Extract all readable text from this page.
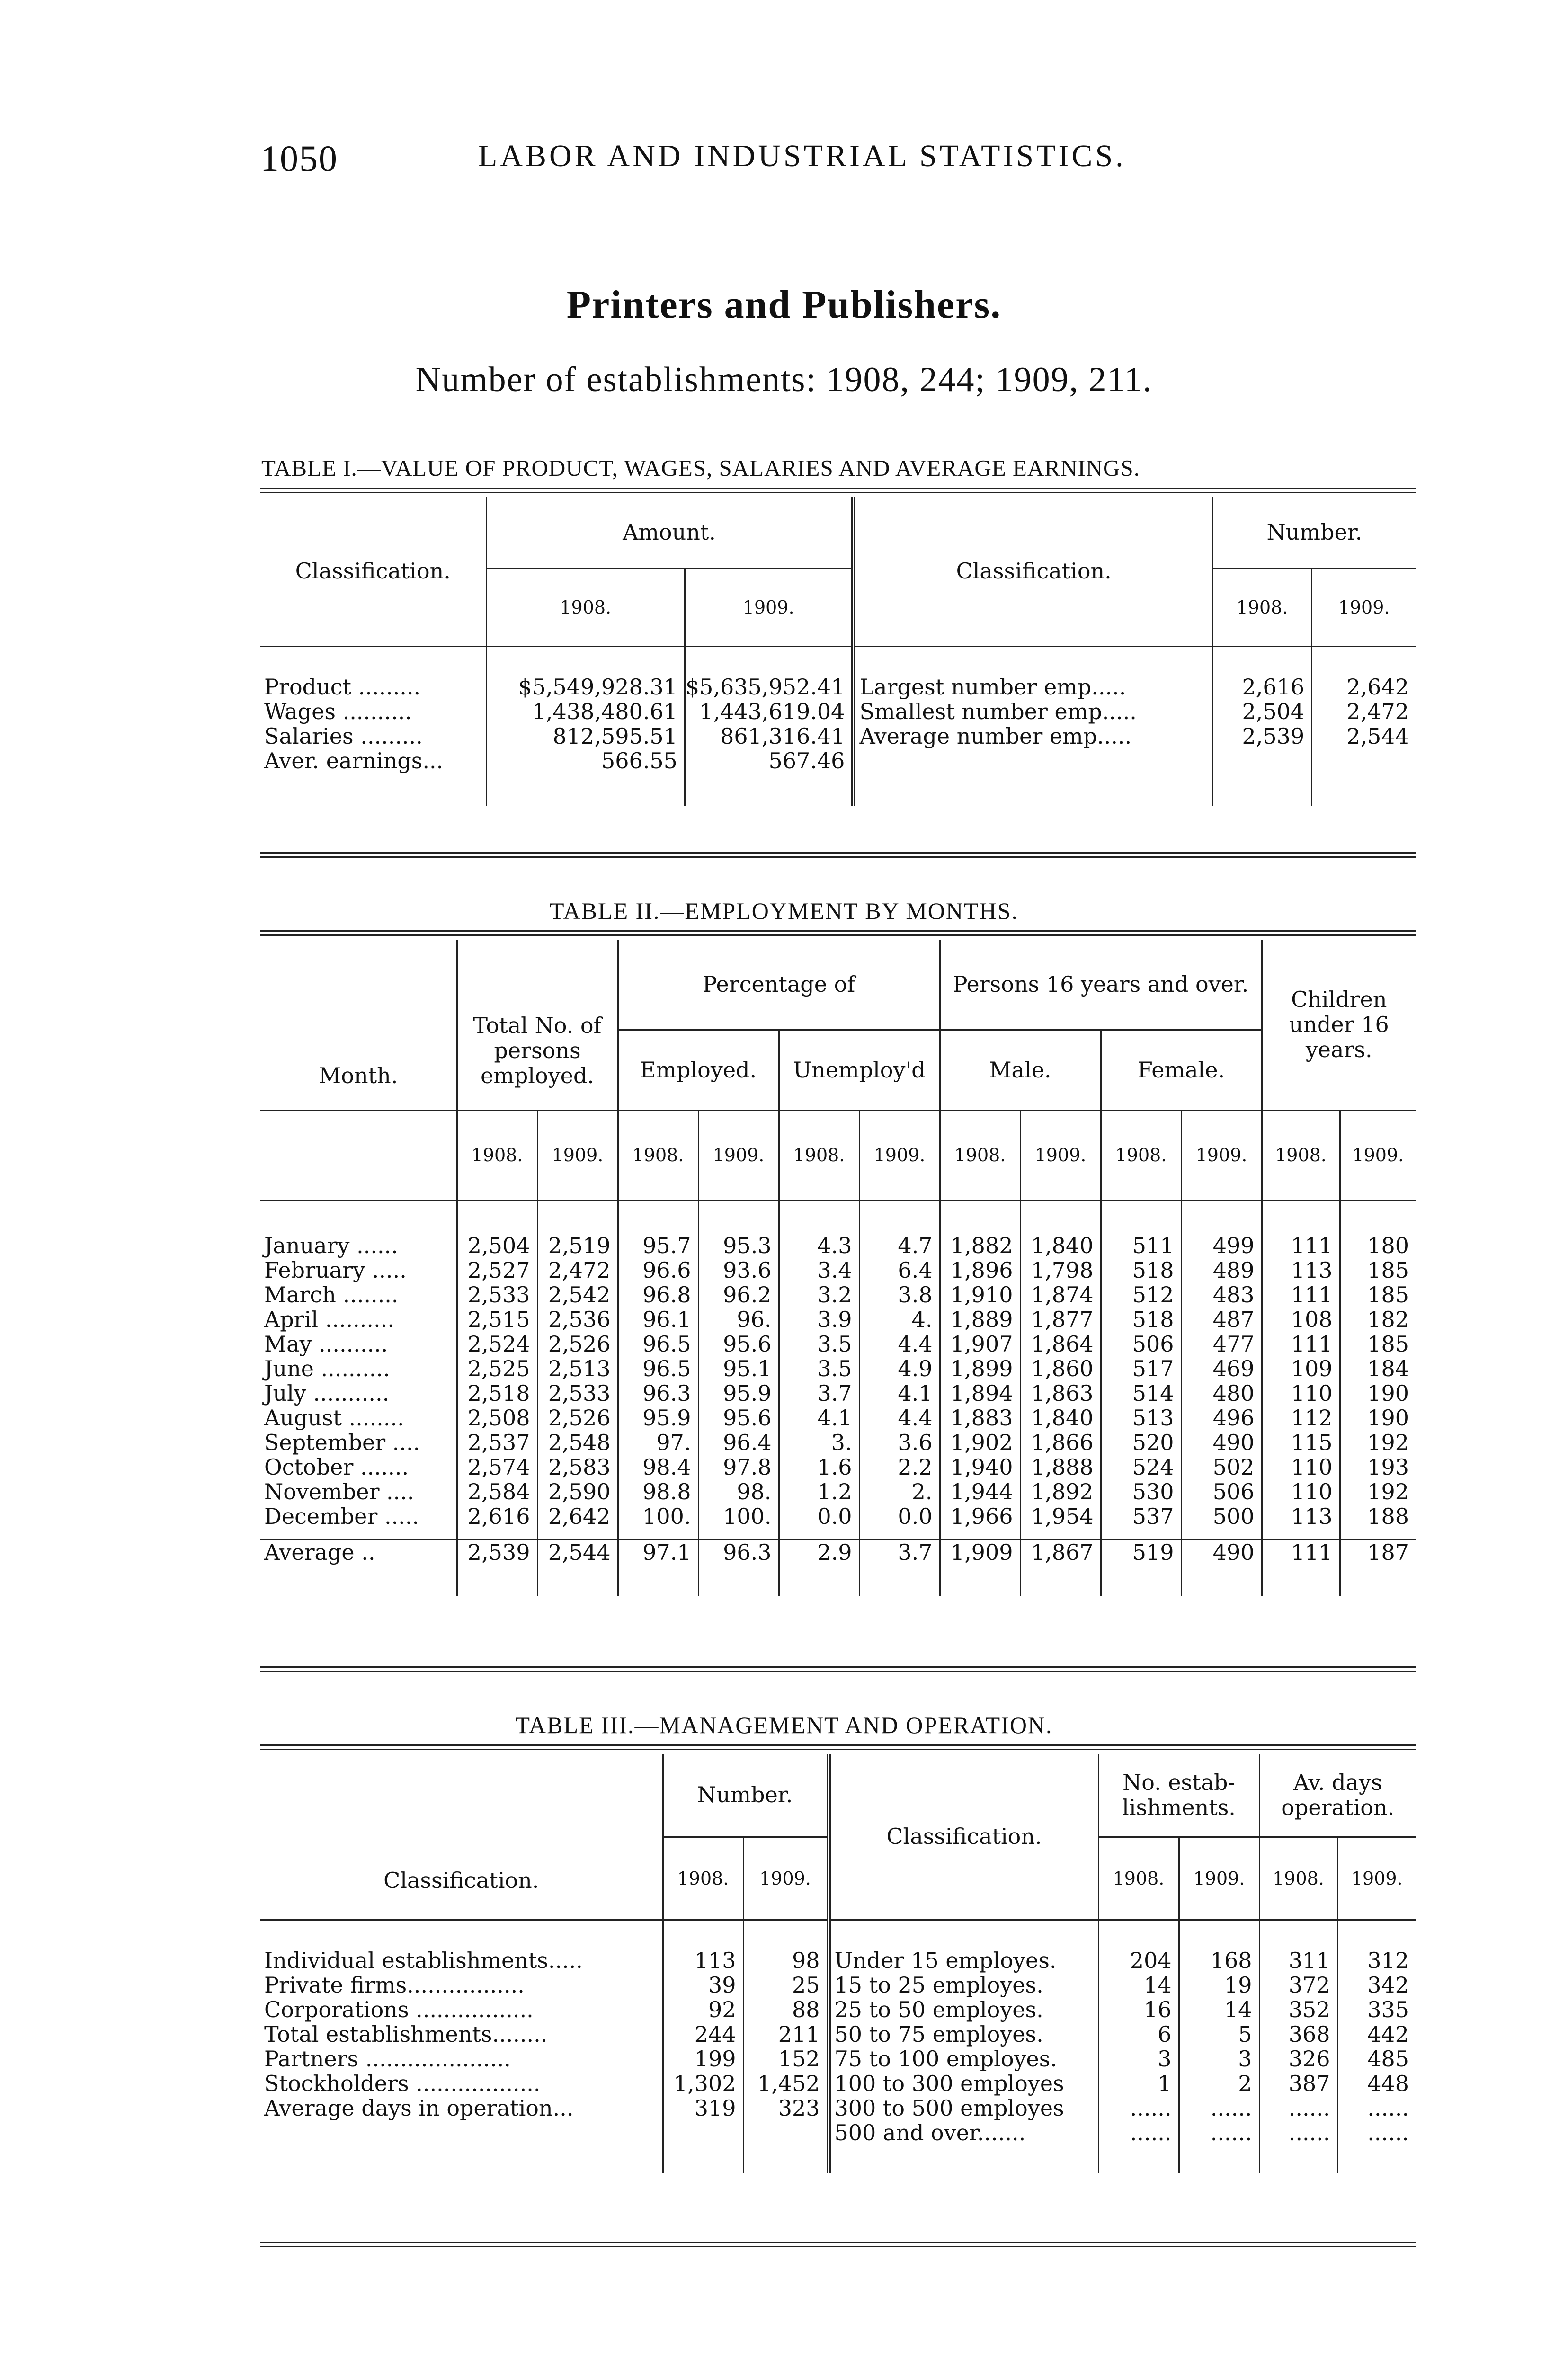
1050	LABOR AND INDUSTRIAL STATISTICS.
Printers and Publishers.
Number of establishments: 1908, 244; 1909, 211.
TABLE I.—VALUE OF PRODUCT, WAGES, SALARIES AND AVERAGE EARNINGS.
Classification.	Amount.		Classification.	Number.	
	1908.	1909.		1908.	1909.

Product .........	$5,549,928.31	$5,635,952.41	Largest number emp.....	2,616	2,642
Wages ..........	1,438,480.61	1,443,619.04	Smallest number emp.....	2,504	2,472
Salaries .........	812,595.51	861,316.41	Average number emp.....	2,539	2,544
Aver. earnings...	566.55	567.46			

TABLE II.—EMPLOYMENT BY MONTHS.
Month.	Total No. of persons employed.		Percentage of				Persons 16 years and over.				Children under 16 years.	
			Employed.		Unemploy'd		Male.		Female.			
	1908.	1909.	1908.	1909.	1908.	1909.	1908.	1909.	1908.	1909.	1908.	1909.

January ......	2,504	2,519	95.7	95.3	4.3	4.7	1,882	1,840	511	499	111	180
February .....	2,527	2,472	96.6	93.6	3.4	6.4	1,896	1,798	518	489	113	185
March ........	2,533	2,542	96.8	96.2	3.2	3.8	1,910	1,874	512	483	111	185
April ..........	2,515	2,536	96.1	96.	3.9	4.	1,889	1,877	518	487	108	182
May ..........	2,524	2,526	96.5	95.6	3.5	4.4	1,907	1,864	506	477	111	185
June ..........	2,525	2,513	96.5	95.1	3.5	4.9	1,899	1,860	517	469	109	184
July ...........	2,518	2,533	96.3	95.9	3.7	4.1	1,894	1,863	514	480	110	190
August ........	2,508	2,526	95.9	95.6	4.1	4.4	1,883	1,840	513	496	112	190
September ....	2,537	2,548	97.	96.4	3.	3.6	1,902	1,866	520	490	115	192
October .......	2,574	2,583	98.4	97.8	1.6	2.2	1,940	1,888	524	502	110	193
November ....	2,584	2,590	98.8	98.	1.2	2.	1,944	1,892	530	506	110	192
December .....	2,616	2,642	100.	100.	0.0	0.0	1,966	1,954	537	500	113	188

Average ..	2,539	2,544	97.1	96.3	2.9	3.7	1,909	1,867	519	490	111	187

TABLE III.—MANAGEMENT AND OPERATION.
Classification.	Number.		Classification.	No. estab- lishments.		Av. days operation.	
	1908.	1909.		1908.	1909.	1908.	1909.

Individual establishments.....	113	98	Under 15 employes.	204	168	311	312
Private firms.................	39	25	15 to 25 employes.	14	19	372	342
Corporations .................	92	88	25 to 50 employes.	16	14	352	335
Total establishments........	244	211	50 to 75 employes.	6	5	368	442
Partners .....................	199	152	75 to 100 employes.	3	3	326	485
Stockholders ..................	1,302	1,452	100 to 300 employes	1	2	387	448
Average days in operation...	319	323	300 to 500 employes	......	......	......	......
			500 and over.......	......	......	......	......
